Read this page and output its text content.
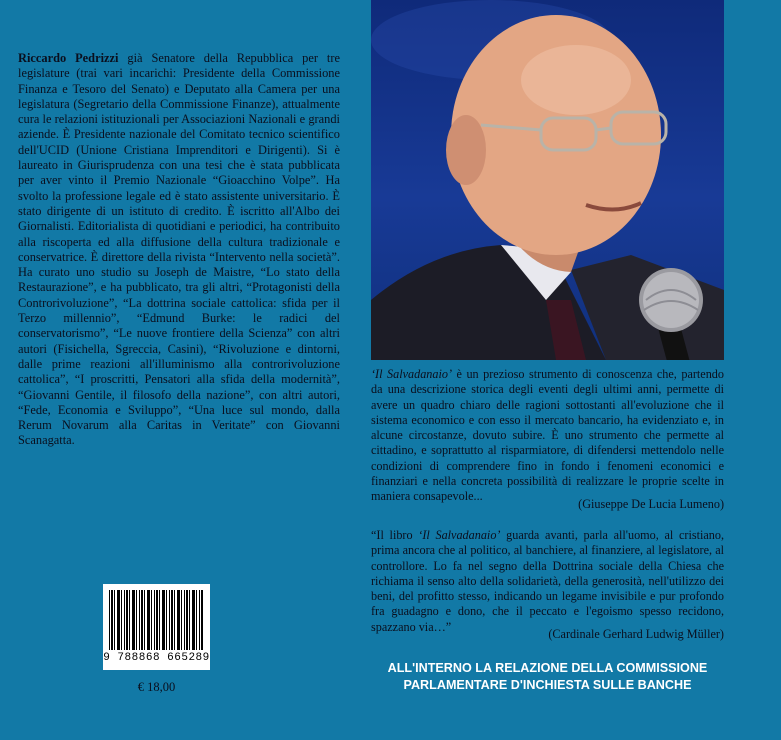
Riccardo Pedrizzi già Senatore della Repubblica per tre legislature (trai vari incarichi: Presidente della Commissione Finanza e Tesoro del Senato) e Deputato alla Camera per una legislatura (Segretario della Commissione Finanze), attualmente cura le relazioni istituzionali per Associazioni Nazionali e grandi aziende. È Presidente nazionale del Comitato tecnico scientifico dell'UCID (Unione Cristiana Imprenditori e Dirigenti). Si è laureato in Giurisprudenza con una tesi che è stata pubblicata per aver vinto il Premio Nazionale “Gioacchino Volpe”. Ha svolto la professione legale ed è stato assistente universitario. È stato dirigente di un istituto di credito. È iscritto all'Albo dei Giornalisti. Editorialista di quotidiani e periodici, ha contribuito alla riscoperta ed alla diffusione della cultura tradizionale e conservatrice. È direttore della rivista “Intervento nella società”. Ha curato uno studio su Joseph de Maistre, “Lo stato della Restaurazione”, e ha pubblicato, tra gli altri, “Protagonisti della Controrivoluzione”, “La dottrina sociale cattolica: sfida per il Terzo millennio”, “Edmund Burke: le radici del conservatorismo”, “Le nuove frontiere della Scienza” con altri autori (Fisichella, Sgreccia, Casini), “Rivoluzione e dintorni, dalle prime reazioni all'illuminismo alla controrivoluzione cattolica”, “I proscritti, Pensatori alla sfida della modernità”, “Giovanni Gentile, il filosofo della nazione”, con altri autori, “Fede, Economia e Sviluppo”, “Una luce sul mondo, dalla Rerum Novarum alla Caritas in Veritate” con Giovanni Scanagatta.
9 788868 665289
€ 18,00
‘Il Salvadanaio’ è un prezioso strumento di conoscenza che, partendo da una descrizione storica degli eventi degli ultimi anni, permette di avere un quadro chiaro delle ragioni sottostanti all'evoluzione che il sistema economico e con esso il mercato bancario, ha evidenziato e, in alcune circostanze, dovuto subire. È uno strumento che permette al cittadino, e soprattutto al risparmiatore, di difendersi mettendolo nelle condizioni di comprendere fino in fondo i fenomeni economici e finanziari e nella concreta possibilità di realizzare le proprie scelte in maniera consapevole...
(Giuseppe De Lucia Lumeno)
“Il libro ‘Il Salvadanaio’ guarda avanti, parla all'uomo, al cristiano, prima ancora che al politico, al banchiere, al finanziere, al legislatore, al controllore. Lo fa nel segno della Dottrina sociale della Chiesa che richiama il senso alto della solidarietà, della generosità, nell'utilizzo dei beni, del profitto stesso, indicando un legame invisibile e pur profondo fra guadagno e dono, che il peccato e l'egoismo spesso recidono, spazzano via…”
(Cardinale Gerhard Ludwig Müller)
ALL'INTERNO LA RELAZIONE DELLA COMMISSIONE
PARLAMENTARE D'INCHIESTA SULLE BANCHE
